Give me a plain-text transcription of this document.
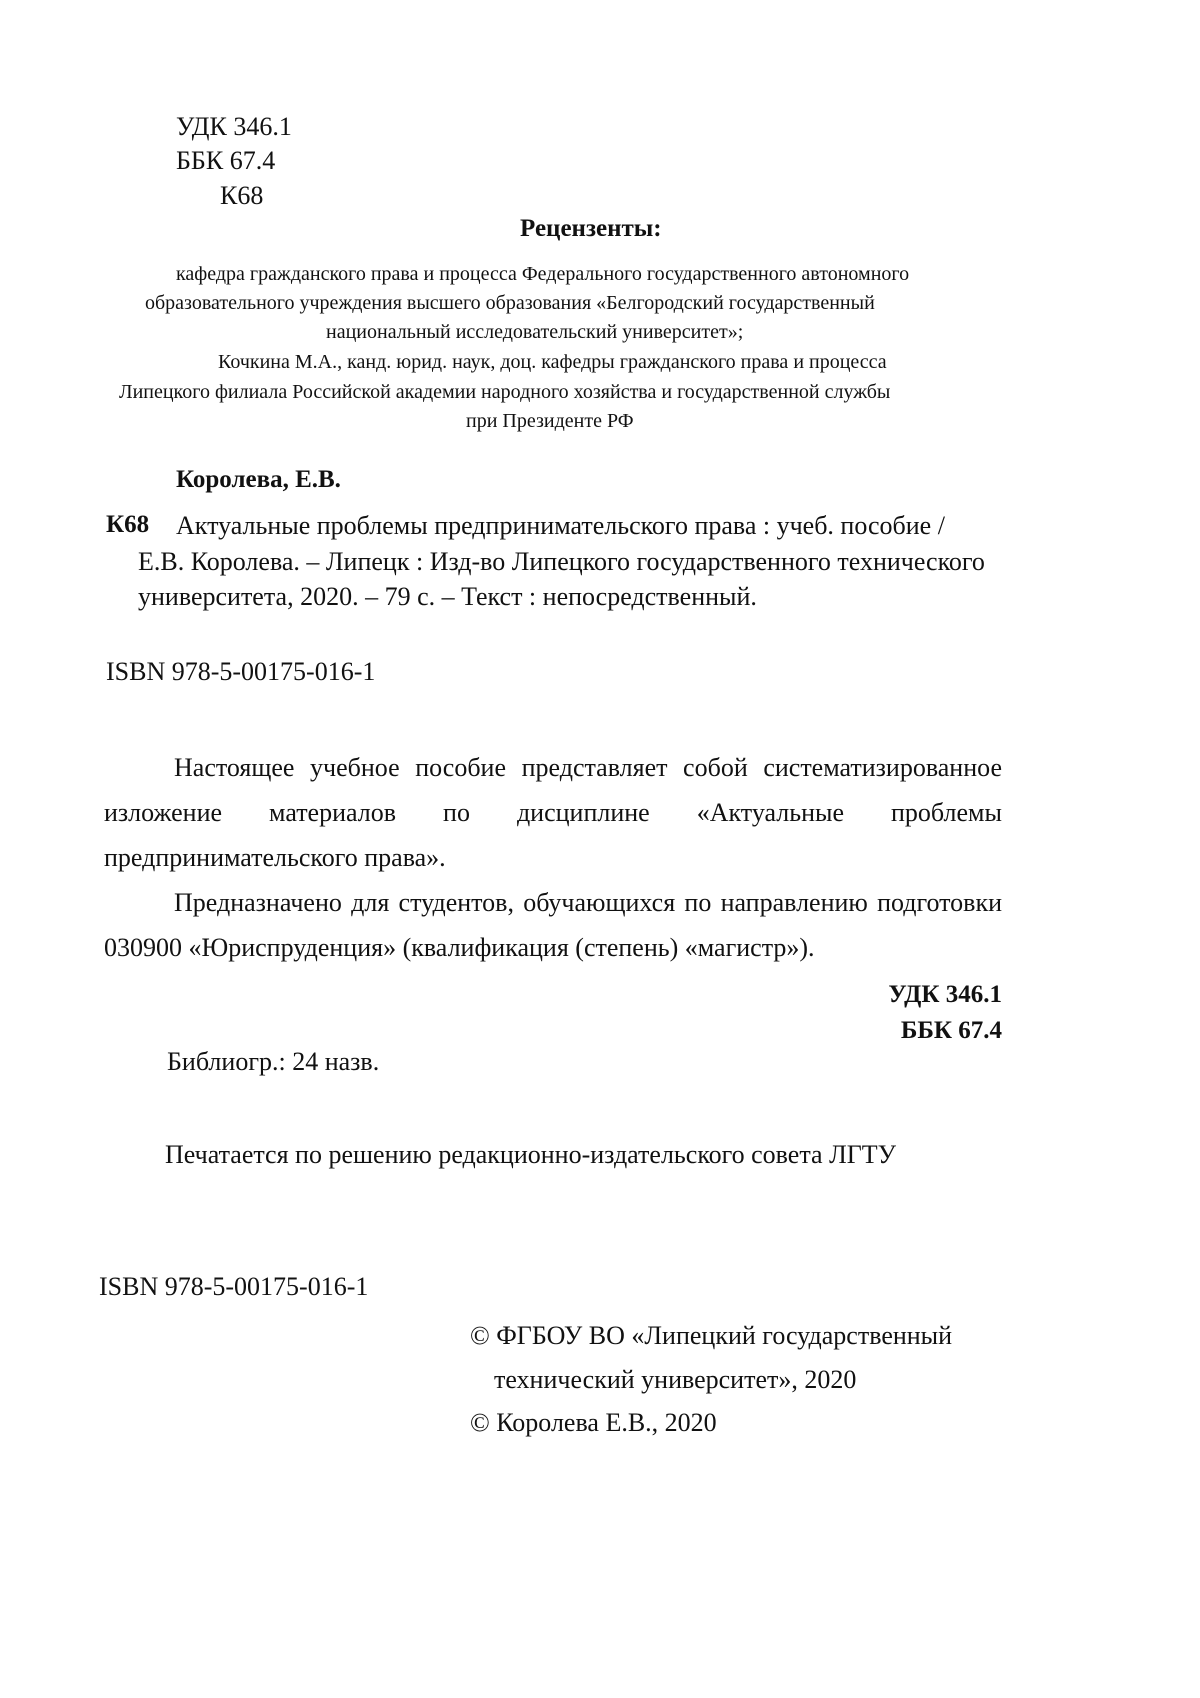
УДК 346.1
ББК 67.4
К68
Рецензенты:
кафедра гражданского права и процесса Федерального государственного автономного
образовательного учреждения высшего образования «Белгородский государственный
национальный исследовательский университет»;
Кочкина М.А., канд. юрид. наук, доц. кафедры гражданского права и процесса
Липецкого филиала Российской академии народного хозяйства и государственной службы
при Президенте РФ
Королева, Е.В.
К68 Актуальные проблемы предпринимательского права : учеб. пособие /
Е.В. Королева. – Липецк : Изд-во Липецкого государственного технического
университета, 2020. – 79 с. – Текст : непосредственный.
ISBN 978-5-00175-016-1
Настоящее учебное пособие представляет собой систематизированное
изложение материалов по дисциплине «Актуальные проблемы
предпринимательского права».
Предназначено для студентов, обучающихся по направлению подготовки
030900 «Юриспруденция» (квалификация (степень) «магистр»).
УДК 346.1
ББК 67.4
Библиогр.: 24 назв.
Печатается по решению редакционно-издательского совета ЛГТУ
ISBN 978-5-00175-016-1
© ФГБОУ ВО «Липецкий государственный
технический университет», 2020
© Королева Е.В., 2020
